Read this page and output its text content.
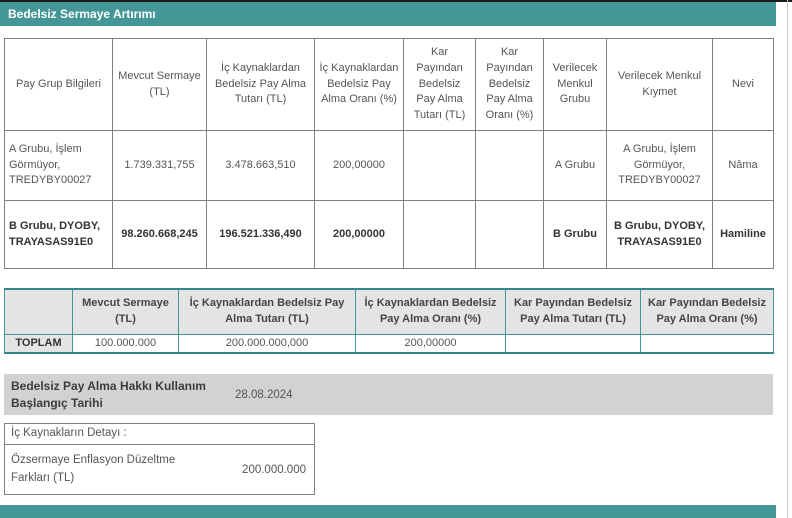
Bedelsiz Sermaye Artırımı
Pay Grup Bilgileri	Mevcut Sermaye (TL)	İç Kaynaklardan Bedelsiz Pay Alma Tutarı (TL)	İç Kaynaklardan Bedelsiz Pay Alma Oranı (%)	Kar Payından Bedelsiz Pay Alma Tutarı (TL)	Kar Payından Bedelsiz Pay Alma Oranı (%)	Verilecek Menkul Grubu	Verilecek Menkul Kıymet	Nevi
A Grubu, İşlem Görmüyor, TREDYBY00027	1.739.331,755	3.478.663,510	200,00000			A Grubu	A Grubu, İşlem Görmüyor, TREDYBY00027	Nâma
B Grubu, DYOBY, TRAYASAS91E0	98.260.668,245	196.521.336,490	200,00000			B Grubu	B Grubu, DYOBY, TRAYASAS91E0	Hamiline
	Mevcut Sermaye (TL)	İç Kaynaklardan Bedelsiz Pay Alma Tutarı (TL)	İç Kaynaklardan Bedelsiz Pay Alma Oranı (%)	Kar Payından Bedelsiz Pay Alma Tutarı (TL)	Kar Payından Bedelsiz Pay Alma Oranı (%)
TOPLAM	100.000.000	200.000.000,000	200,00000		
Bedelsiz Pay Alma Hakkı Kullanım Başlangıç Tarihi
28.08.2024
İç Kaynakların Detayı :
Özsermaye Enflasyon Düzeltme Farkları (TL)
200.000.000
